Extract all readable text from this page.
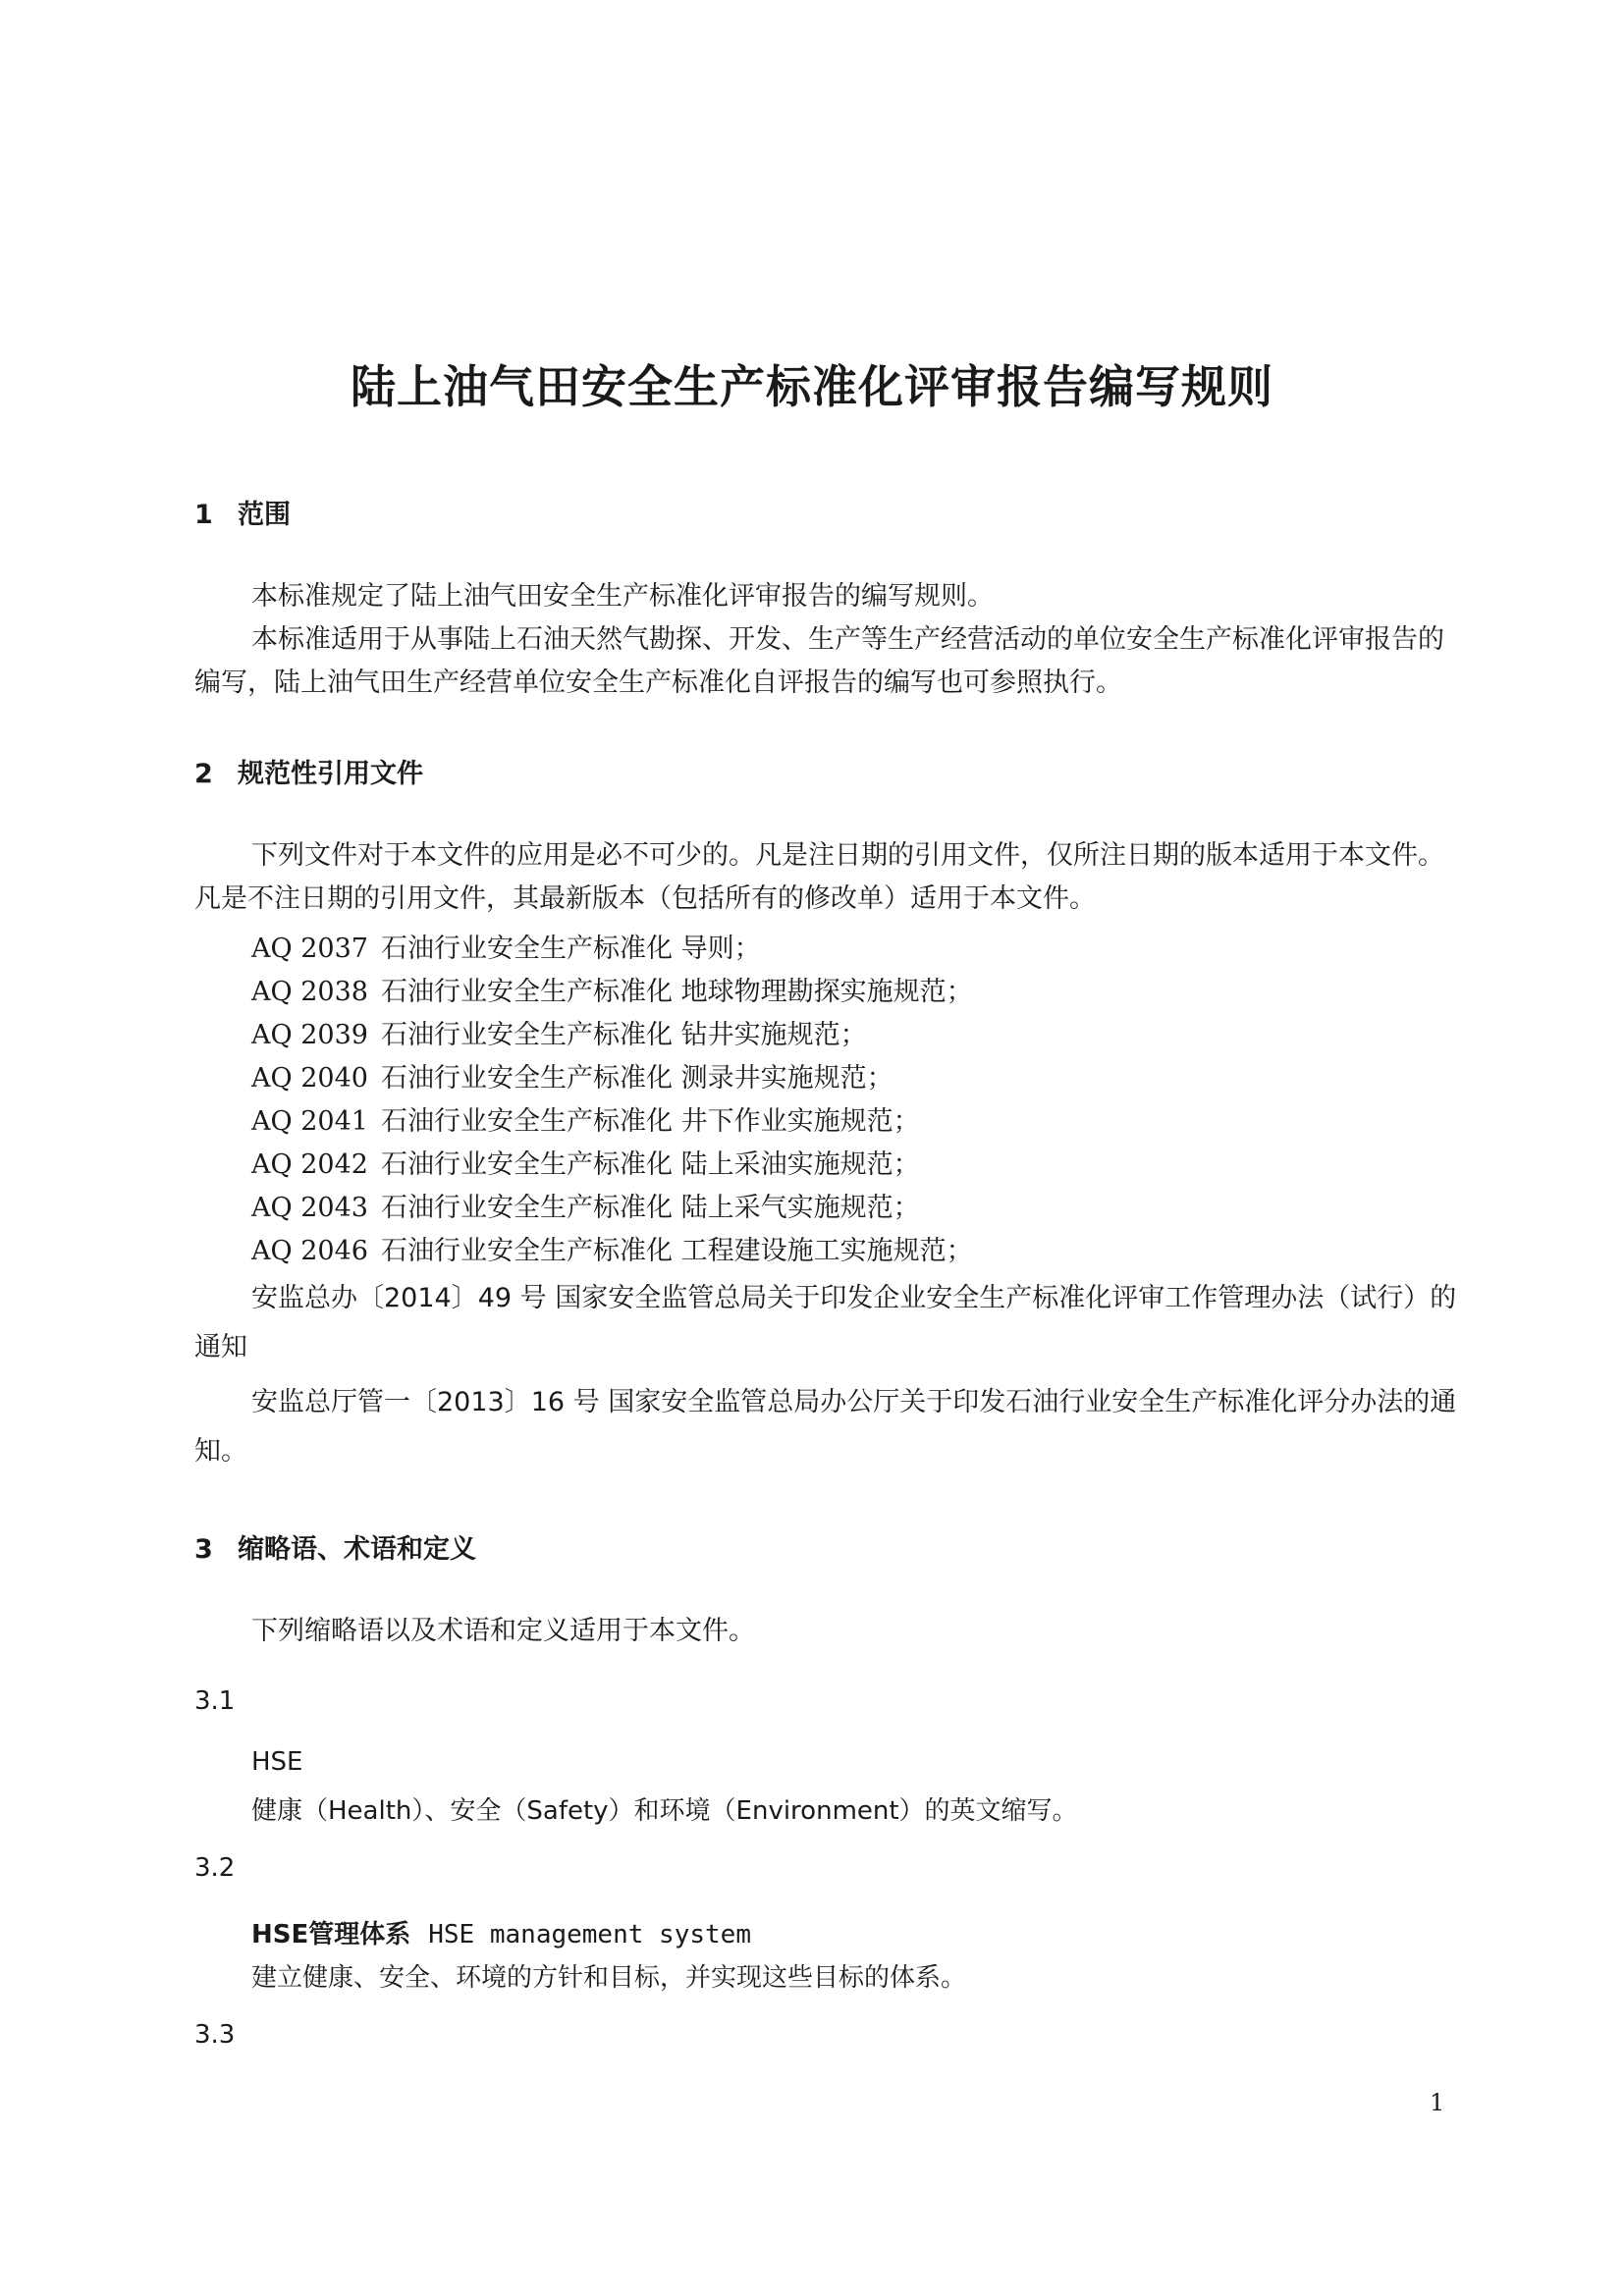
陆上油气田安全生产标准化评审报告编写规则
1 范围
本标准规定了陆上油气田安全生产标准化评审报告的编写规则。
本标准适用于从事陆上石油天然气勘探、开发、生产等生产经营活动的单位安全生产标准化评审报告的编写，陆上油气田生产经营单位安全生产标准化自评报告的编写也可参照执行。
2 规范性引用文件
下列文件对于本文件的应用是必不可少的。凡是注日期的引用文件，仅所注日期的版本适用于本文件。凡是不注日期的引用文件，其最新版本（包括所有的修改单）适用于本文件。
AQ 2037 石油行业安全生产标准化 导则；
AQ 2038 石油行业安全生产标准化 地球物理勘探实施规范；
AQ 2039 石油行业安全生产标准化 钻井实施规范；
AQ 2040 石油行业安全生产标准化 测录井实施规范；
AQ 2041 石油行业安全生产标准化 井下作业实施规范；
AQ 2042 石油行业安全生产标准化 陆上采油实施规范；
AQ 2043 石油行业安全生产标准化 陆上采气实施规范；
AQ 2046 石油行业安全生产标准化 工程建设施工实施规范；
安监总办〔2014〕49 号 国家安全监管总局关于印发企业安全生产标准化评审工作管理办法（试行）的通知
安监总厅管一〔2013〕16 号 国家安全监管总局办公厅关于印发石油行业安全生产标准化评分办法的通知。
3 缩略语、术语和定义
下列缩略语以及术语和定义适用于本文件。
3.1
HSE
健康（Health）、安全（Safety）和环境（Environment）的英文缩写。
3.2
HSE管理体系 HSE management system
建立健康、安全、环境的方针和目标，并实现这些目标的体系。
3.3
1
